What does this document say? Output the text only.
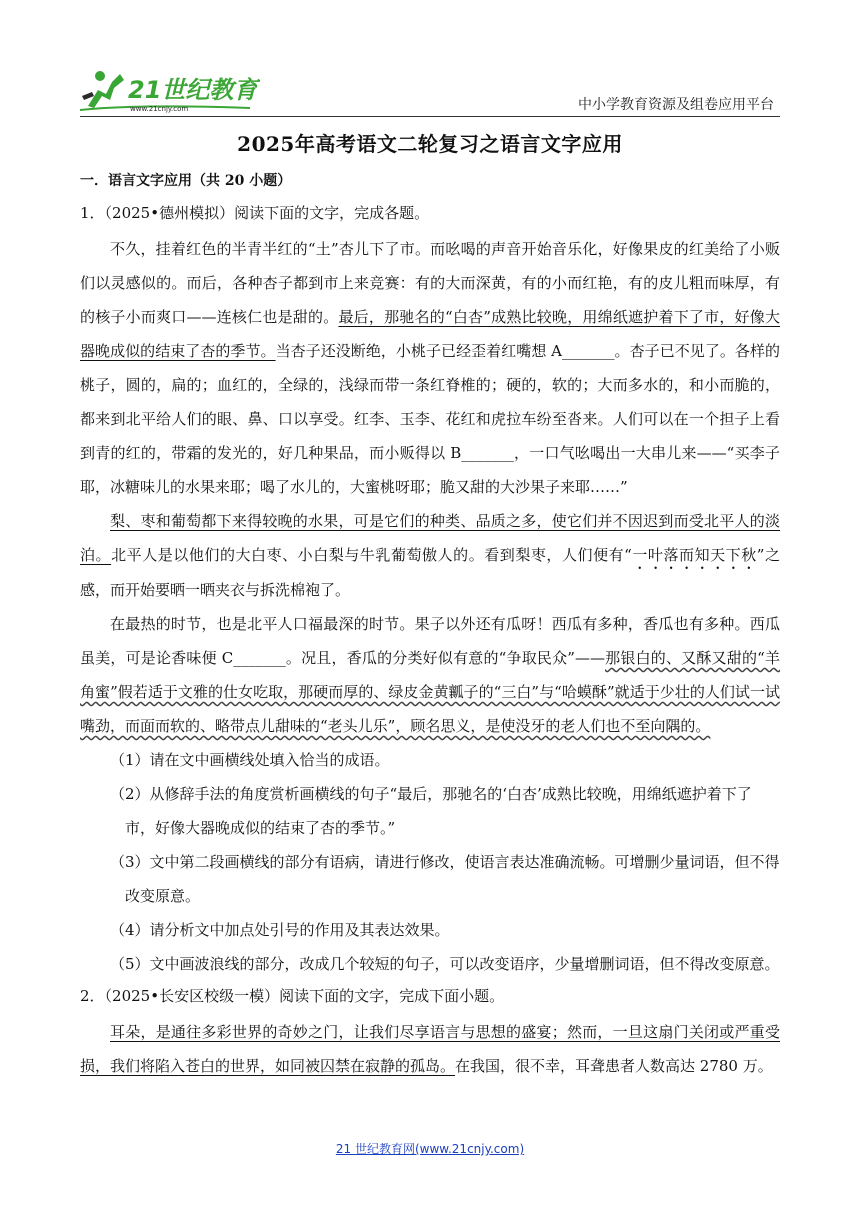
21世纪教育
www.21cnjy.com	中小学教育资源及组卷应用平台
2025年高考语文二轮复习之语言文字应用
一．语言文字应用（共 20 小题）
1．（2025•德州模拟）阅读下面的文字，完成各题。
不久，挂着红色的半青半红的“土”杏儿下了市。而吆喝的声音开始音乐化，好像果皮的红美给了小贩们以灵感似的。而后，各种杏子都到市上来竞赛：有的大而深黄，有的小而红艳，有的皮儿粗而味厚，有的核子小而爽口——连核仁也是甜的。最后，那驰名的“白杏”成熟比较晚，用绵纸遮护着下了市，好像大器晚成似的结束了杏的季节。当杏子还没断绝，小桃子已经歪着红嘴想 A_______。杏子已不见了。各样的桃子，圆的，扁的；血红的，全绿的，浅绿而带一条红脊椎的；硬的，软的；大而多水的，和小而脆的，都来到北平给人们的眼、鼻、口以享受。红李、玉李、花红和虎拉车纷至沓来。人们可以在一个担子上看到青的红的，带霜的发光的，好几种果品，而小贩得以 B_______，一口气吆喝出一大串儿来——“买李子耶，冰糖味儿的水果来耶；喝了水儿的，大蜜桃呀耶；脆又甜的大沙果子来耶……”
梨、枣和葡萄都下来得较晚的水果，可是它们的种类、品质之多，使它们并不因迟到而受北平人的淡泊。北平人是以他们的大白枣、小白梨与牛乳葡萄傲人的。看到梨枣，人们便有“一叶落而知天下秋”之感，而开始要晒一晒夹衣与拆洗棉袍了。
在最热的时节，也是北平人口福最深的时节。果子以外还有瓜呀！西瓜有多种，香瓜也有多种。西瓜虽美，可是论香味便 C_______。况且，香瓜的分类好似有意的“争取民众”——那银白的、又酥又甜的“羊角蜜”假若适于文雅的仕女吃取，那硬而厚的、绿皮金黄瓤子的“三白”与“哈蟆酥”就适于少壮的人们试一试嘴劲，而面而软的、略带点儿甜味的“老头儿乐”，顾名思义，是使没牙的老人们也不至向隅的。
（1）请在文中画横线处填入恰当的成语。
（2）从修辞手法的角度赏析画横线的句子“最后，那驰名的‘白杏’成熟比较晚，用绵纸遮护着下了市，好像大器晚成似的结束了杏的季节。”
（3）文中第二段画横线的部分有语病，请进行修改，使语言表达准确流畅。可增删少量词语，但不得改变原意。
（4）请分析文中加点处引号的作用及其表达效果。
（5）文中画波浪线的部分，改成几个较短的句子，可以改变语序，少量增删词语，但不得改变原意。
2．（2025•长安区校级一模）阅读下面的文字，完成下面小题。
耳朵，是通往多彩世界的奇妙之门，让我们尽享语言与思想的盛宴；然而，一旦这扇门关闭或严重受损，我们将陷入苍白的世界，如同被囚禁在寂静的孤岛。在我国，很不幸，耳聋患者人数高达 2780 万。
21 世纪教育网(www.21cnjy.com)
